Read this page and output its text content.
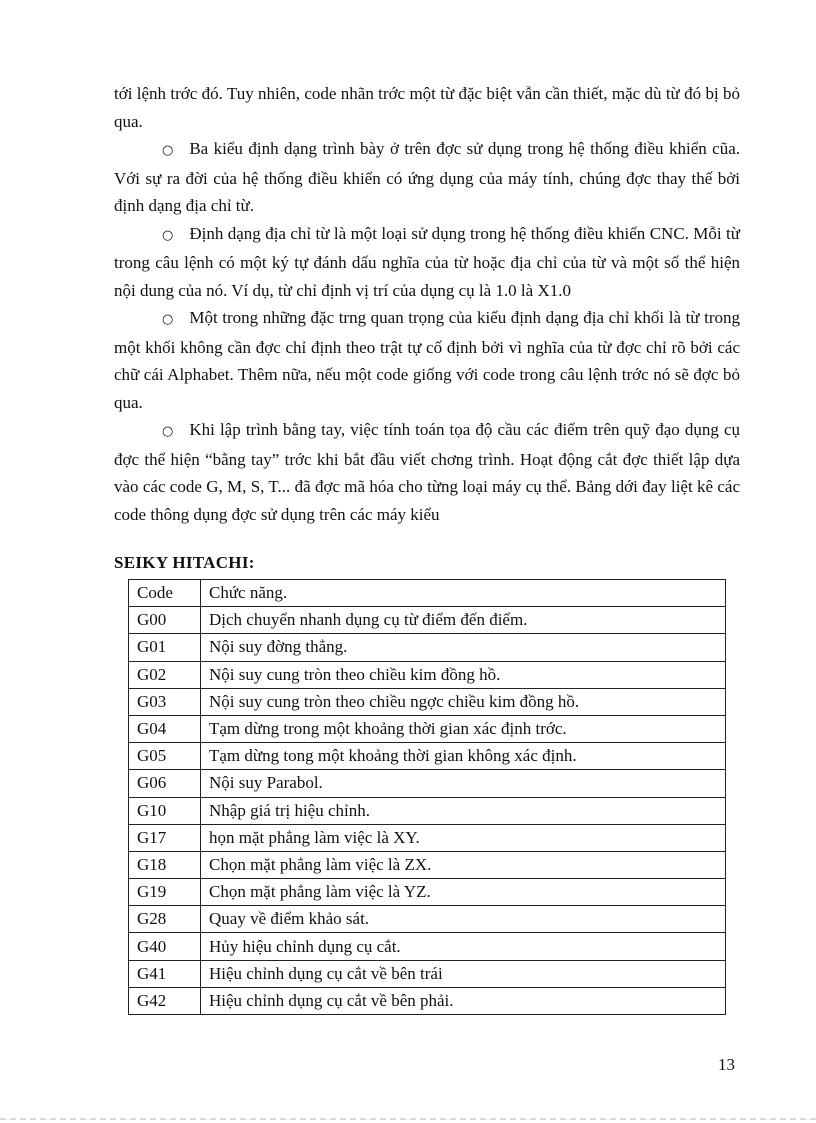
tới lệnh trớc đó. Tuy nhiên, code nhãn trớc một từ đặc biệt vẫn cần thiết, mặc dù từ đó bị bỏ qua.

○ Ba kiểu định dạng trình bày ở trên đợc sử dụng trong hệ thống điều khiển cũa. Với sự ra đời của hệ thống điều khiển có ứng dụng của máy tính, chúng đợc thay thế bởi định dạng địa chỉ từ.

○ Định dạng địa chỉ từ là một loại sử dụng trong hệ thống điều khiển CNC. Mỗi từ trong câu lệnh có một ký tự đánh dấu nghĩa của từ hoặc địa chỉ của từ và một số thể hiện nội dung của nó. Ví dụ, từ chỉ định vị trí của dụng cụ là 1.0 là X1.0

○ Một trong những đặc trng quan trọng của kiểu định dạng địa chỉ khối là từ trong một khối không cần đợc chỉ định theo trật tự cố định bởi vì nghĩa của từ đợc chỉ rõ bởi các chữ cái Alphabet. Thêm nữa, nếu một code giống với code trong câu lệnh trớc nó sẽ đợc bỏ qua.

○ Khi lập trình bằng tay, việc tính toán tọa độ cầu các điểm trên quỹ đạo dụng cụ đợc thể hiện “bằng tay” trớc khi bắt đầu viết chơng trình. Hoạt động cắt đợc thiết lập dựa vào các code G, M, S, T... đã đợc mã hóa cho từng loại máy cụ thể. Bảng dới đay liệt kê các code thông dụng đợc sử dụng trên các máy kiểu

SEIKY HITACHI:
Code	Chức năng.
G00	Dịch chuyển nhanh dụng cụ từ điểm đến điểm.
G01	Nội suy đờng thẳng.
G02	Nội suy cung tròn theo chiều kim đồng hồ.
G03	Nội suy cung tròn theo chiều ngợc chiều kim đồng hồ.
G04	Tạm dừng trong một khoảng thời gian xác định trớc.
G05	Tạm dừng tong một khoảng thời gian không xác định.
G06	Nội suy Parabol.
G10	Nhập giá trị hiệu chỉnh.
G17	họn mặt phẳng làm việc là XY.
G18	Chọn mặt phẳng làm việc là ZX.
G19	Chọn mặt phẳng làm việc là YZ.
G28	Quay về điểm khảo sát.
G40	Hủy hiệu chỉnh dụng cụ cắt.
G41	Hiệu chỉnh dụng cụ cắt về bên trái
G42	Hiệu chỉnh dụng cụ cắt về bên phải.
13
